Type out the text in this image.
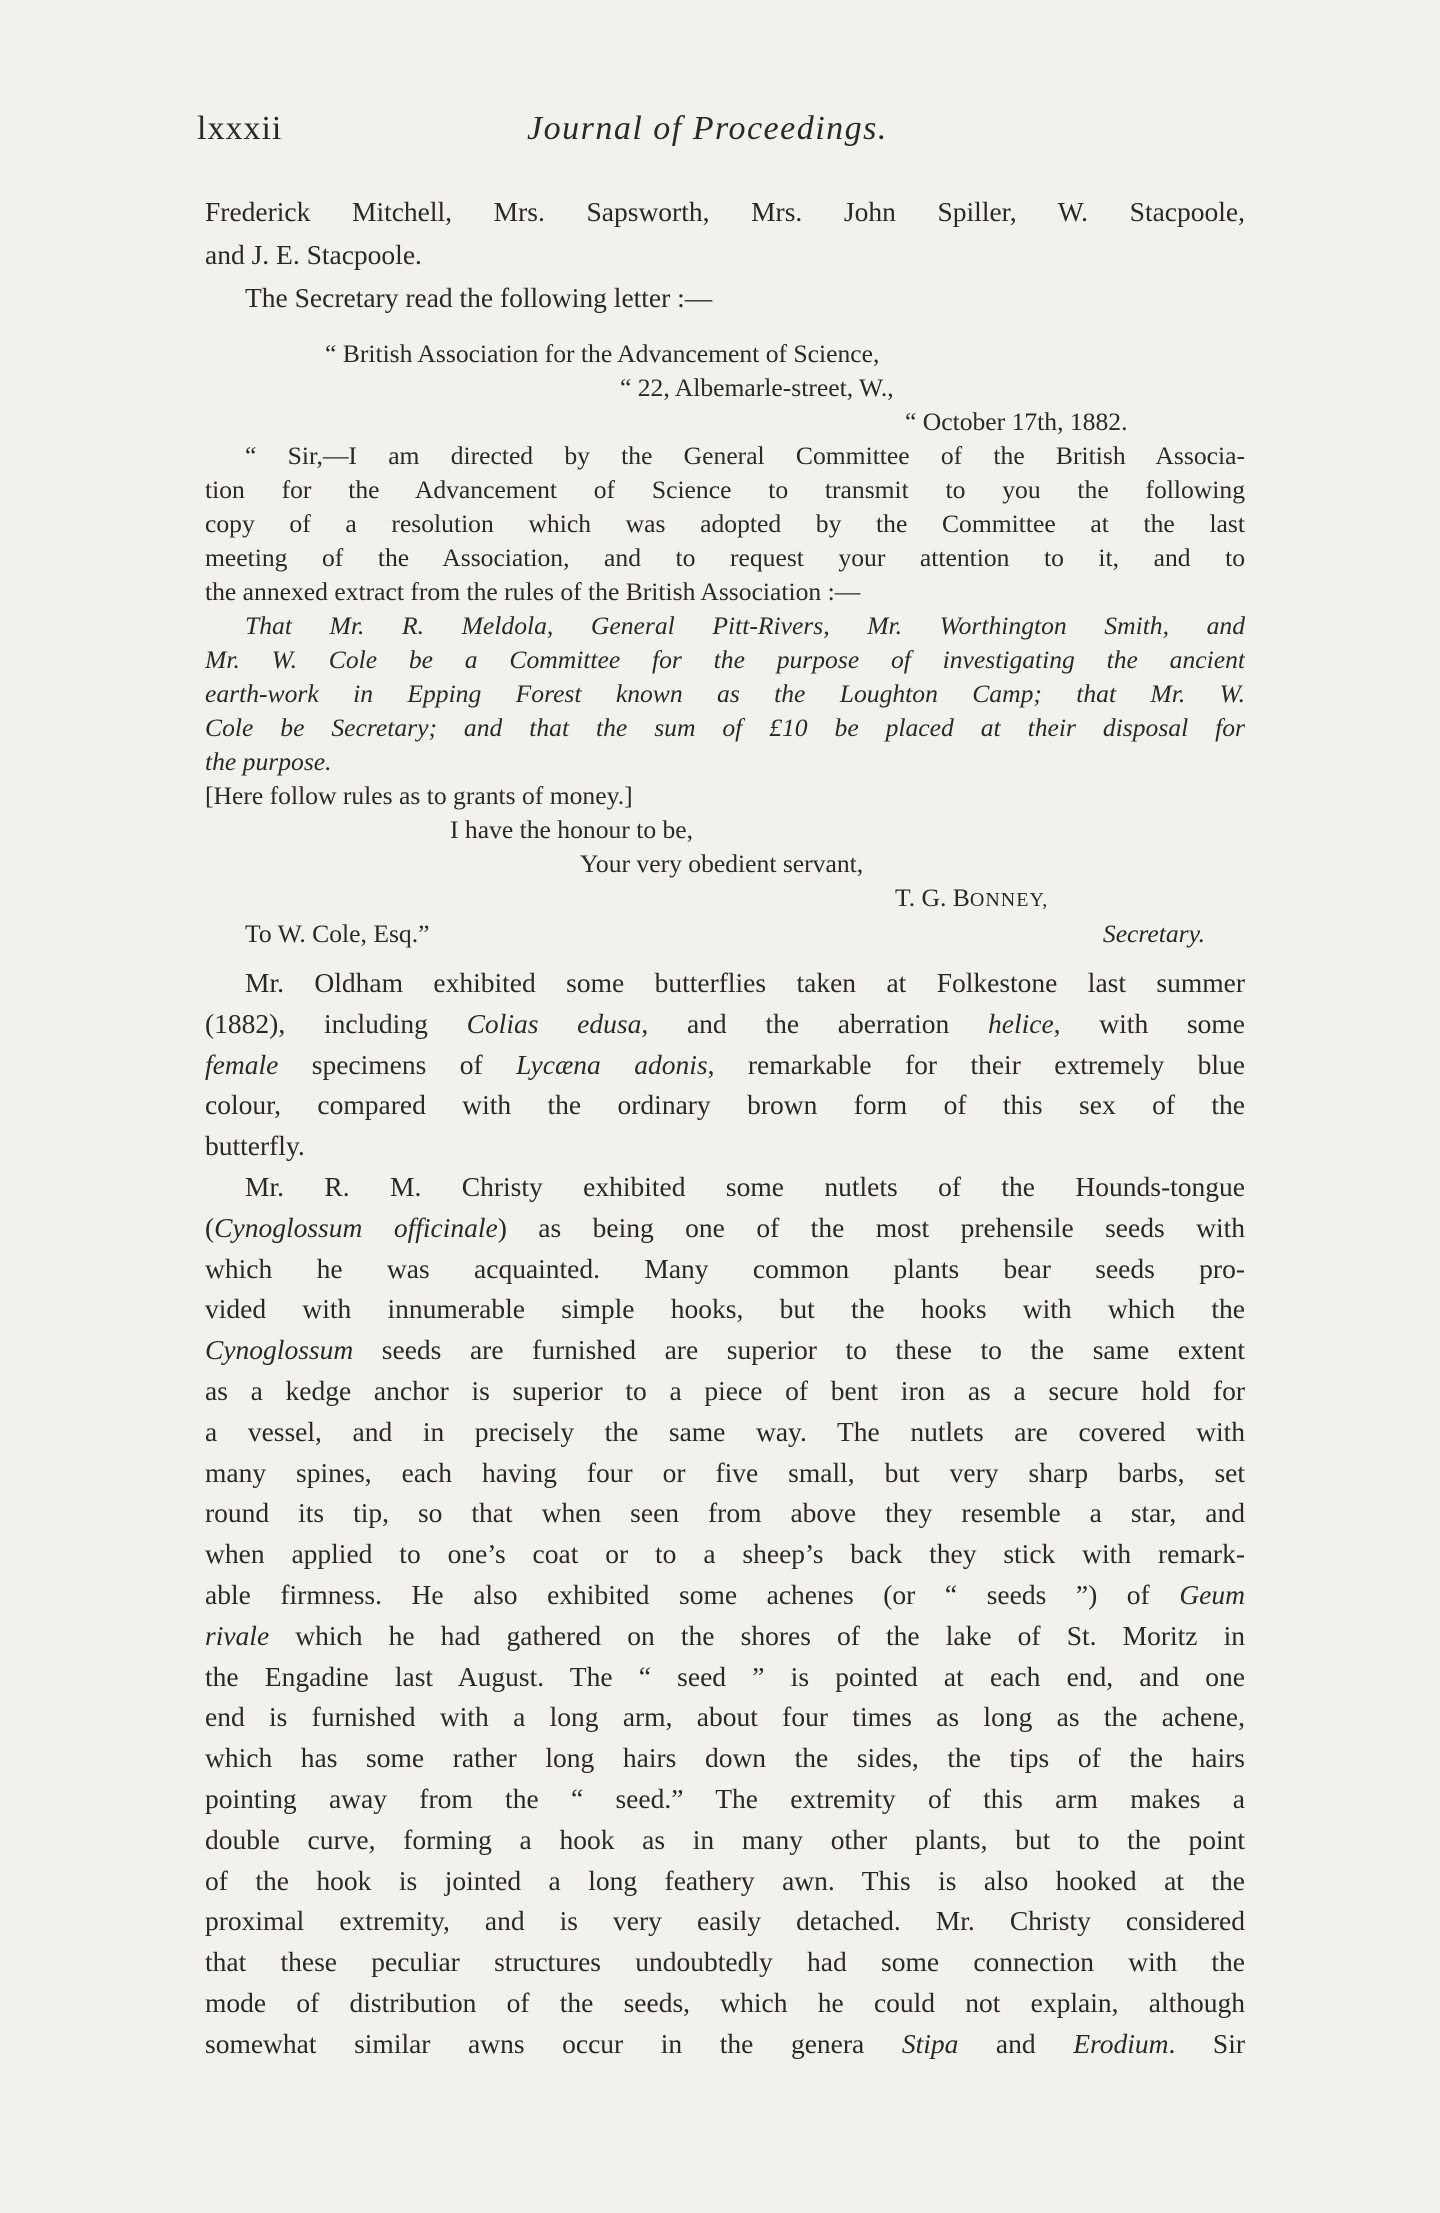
lxxxii	Journal of Proceedings.
Frederick Mitchell, Mrs. Sapsworth, Mrs. John Spiller, W. Stacpoole,
and J. E. Stacpoole.
The Secretary read the following letter :—
“ British Association for the Advancement of Science,
“ 22, Albemarle-street, W.,
“ October 17th, 1882.
“ Sir,—I am directed by the General Committee of the British Associa-
tion for the Advancement of Science to transmit to you the following
copy of a resolution which was adopted by the Committee at the last
meeting of the Association, and to request your attention to it, and to
the annexed extract from the rules of the British Association :—
That Mr. R. Meldola, General Pitt-Rivers, Mr. Worthington Smith, and
Mr. W. Cole be a Committee for the purpose of investigating the ancient
earth-work in Epping Forest known as the Loughton Camp; that Mr. W.
Cole be Secretary; and that the sum of £10 be placed at their disposal for
the purpose.
[Here follow rules as to grants of money.]
I have the honour to be,
Your very obedient servant,
T. G. BONNEY,
To W. Cole, Esq.”	Secretary.
Mr. Oldham exhibited some butterflies taken at Folkestone last summer
(1882), including Colias edusa, and the aberration helice, with some
female specimens of Lycæna adonis, remarkable for their extremely blue
colour, compared with the ordinary brown form of this sex of the
butterfly.
Mr. R. M. Christy exhibited some nutlets of the Hounds-tongue
(Cynoglossum officinale) as being one of the most prehensile seeds with
which he was acquainted. Many common plants bear seeds pro-
vided with innumerable simple hooks, but the hooks with which the
Cynoglossum seeds are furnished are superior to these to the same extent
as a kedge anchor is superior to a piece of bent iron as a secure hold for
a vessel, and in precisely the same way. The nutlets are covered with
many spines, each having four or five small, but very sharp barbs, set
round its tip, so that when seen from above they resemble a star, and
when applied to one’s coat or to a sheep’s back they stick with remark-
able firmness. He also exhibited some achenes (or “ seeds ”) of Geum
rivale which he had gathered on the shores of the lake of St. Moritz in
the Engadine last August. The “ seed ” is pointed at each end, and one
end is furnished with a long arm, about four times as long as the achene,
which has some rather long hairs down the sides, the tips of the hairs
pointing away from the “ seed.” The extremity of this arm makes a
double curve, forming a hook as in many other plants, but to the point
of the hook is jointed a long feathery awn. This is also hooked at the
proximal extremity, and is very easily detached. Mr. Christy considered
that these peculiar structures undoubtedly had some connection with the
mode of distribution of the seeds, which he could not explain, although
somewhat similar awns occur in the genera Stipa and Erodium. Sir
